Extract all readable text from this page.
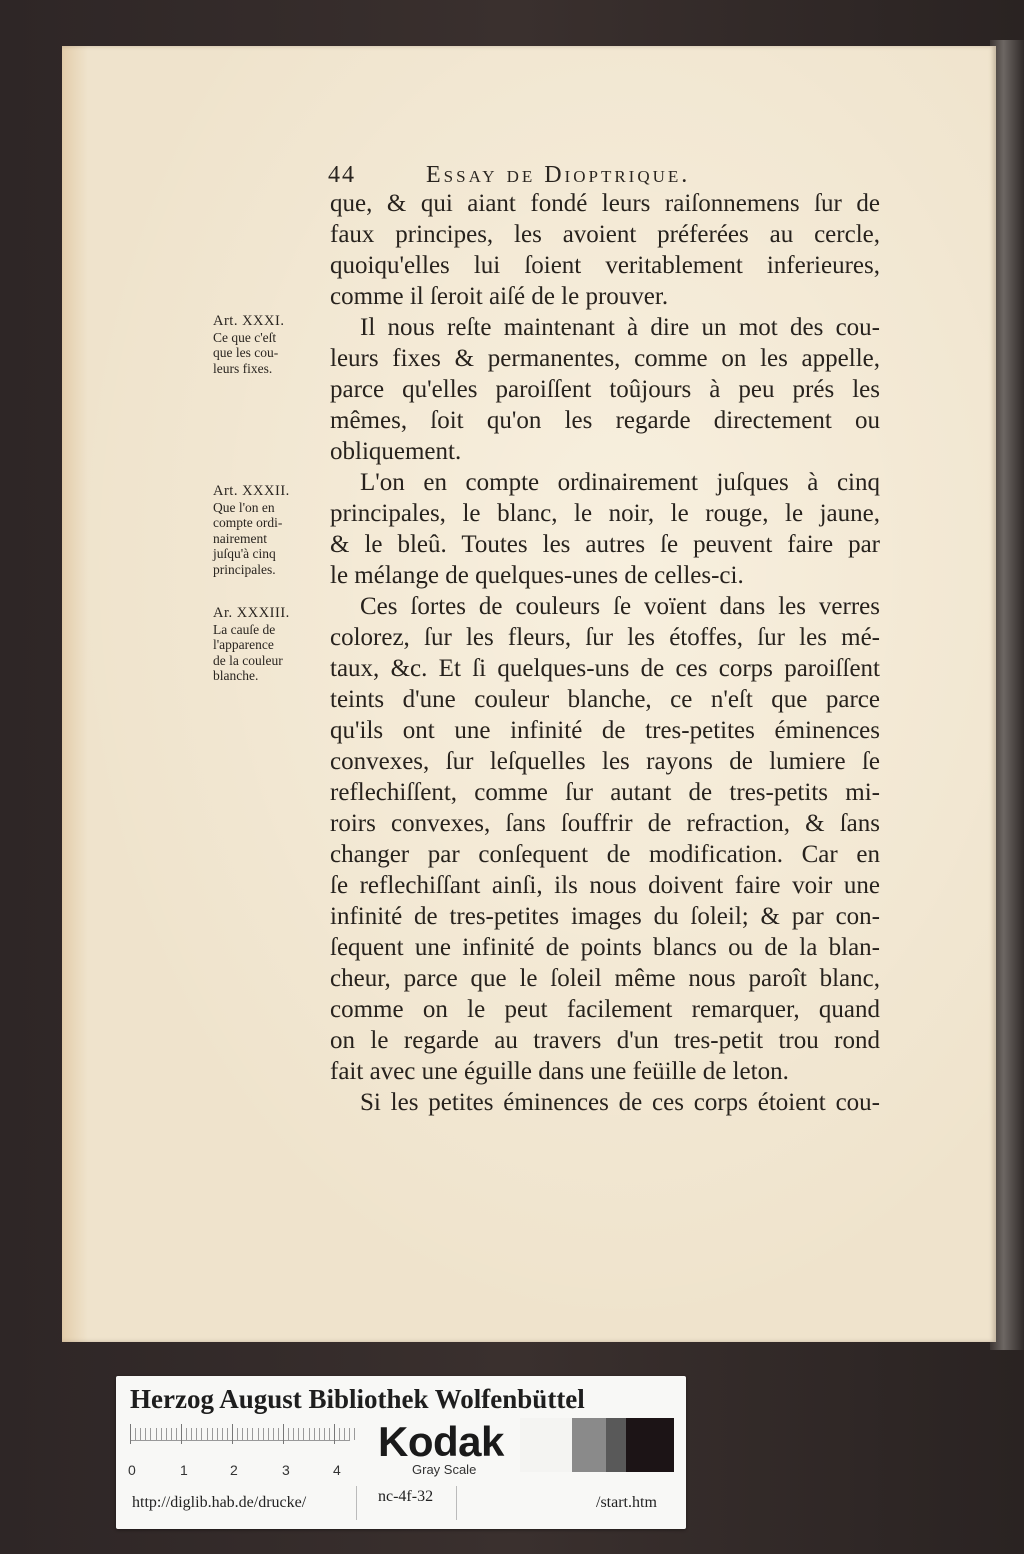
44	Essay de Dioptrique.
que, & qui aiant fondé leurs raiſonnemens ſur de
faux principes, les avoient préferées au cercle,
quoiqu'elles lui ſoient veritablement inferieures,
comme il ſeroit aiſé de le prouver.
Il nous reſte maintenant à dire un mot des cou-
leurs fixes & permanentes, comme on les appelle,
parce qu'elles paroiſſent toûjours à peu prés les
mêmes, ſoit qu'on les regarde directement ou
obliquement.
L'on en compte ordinairement juſques à cinq
principales, le blanc, le noir, le rouge, le jaune,
& le bleû. Toutes les autres ſe peuvent faire par
le mélange de quelques-unes de celles-ci.
Ces ſortes de couleurs ſe voïent dans les verres
colorez, ſur les fleurs, ſur les étoffes, ſur les mé-
taux, &c. Et ſi quelques-uns de ces corps paroiſſent
teints d'une couleur blanche, ce n'eſt que parce
qu'ils ont une infinité de tres-petites éminences
convexes, ſur leſquelles les rayons de lumiere ſe
reflechiſſent, comme ſur autant de tres-petits mi-
roirs convexes, ſans ſouffrir de refraction, & ſans
changer par conſequent de modification. Car en
ſe reflechiſſant ainſi, ils nous doivent faire voir une
infinité de tres-petites images du ſoleil; & par con-
ſequent une infinité de points blancs ou de la blan-
cheur, parce que le ſoleil même nous paroît blanc,
comme on le peut facilement remarquer, quand
on le regarde au travers d'un tres-petit trou rond
fait avec une éguille dans une feüille de leton.
Si les petites éminences de ces corps étoient cou-
Art. XXXI.
Ce que c'eſt
que les cou-
leurs fixes.
Art. XXXII.
Que l'on en
compte ordi-
nairement
juſqu'à cinq
principales.
Ar. XXXIII.
La cauſe de
l'apparence
de la couleur
blanche.
Herzog August Bibliothek Wolfenbüttel
0	1	2	3	4
Kodak
Gray Scale
http://diglib.hab.de/drucke/	nc-4f-32	/start.htm
